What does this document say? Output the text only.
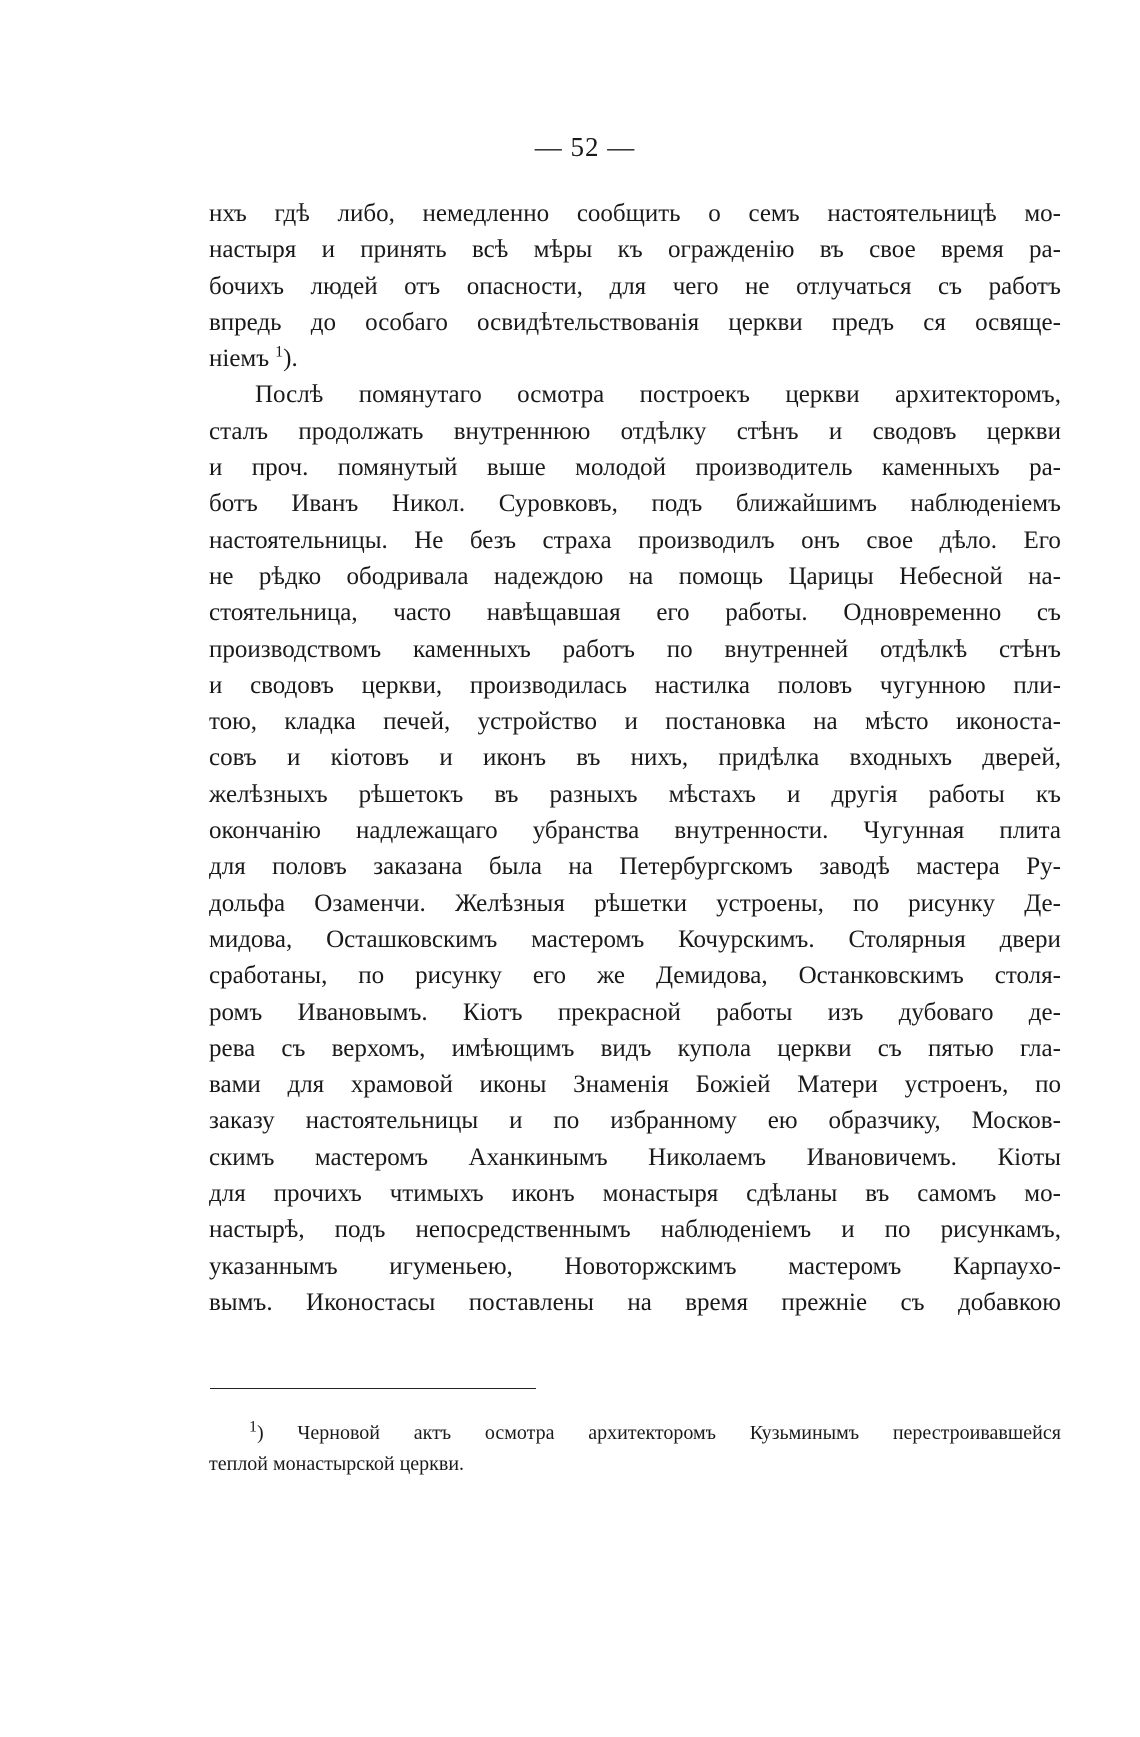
— 52 —
нхъ гдѣ либо, немедленно сообщить о семъ настоятельницѣ мо-
настыря и принять всѣ мѣры къ огражденію въ свое время ра-
бочихъ людей отъ опасности, для чего не отлучаться съ работъ
впредь до особаго освидѣтельствованія церкви предъ ся освяще-
ніемъ $^1$).
Послѣ помянутаго осмотра построекъ церкви архитекторомъ,
сталъ продолжать внутреннюю отдѣлку стѣнъ и сводовъ церкви
и проч. помянутый выше молодой производитель каменныхъ ра-
ботъ Иванъ Никол. Суровковъ, подъ ближайшимъ наблюденіемъ
настоятельницы. Не безъ страха производилъ онъ свое дѣло. Его
не рѣдко ободривала надеждою на помощь Царицы Небесной на-
стоятельница, часто навѣщавшая его работы. Одновременно съ
производствомъ каменныхъ работъ по внутренней отдѣлкѣ стѣнъ
и сводовъ церкви, производилась настилка половъ чугунною пли-
тою, кладка печей, устройство и постановка на мѣсто иконоста-
совъ и кіотовъ и иконъ въ нихъ, придѣлка входныхъ дверей,
желѣзныхъ рѣшетокъ въ разныхъ мѣстахъ и другія работы къ
окончанію надлежащаго убранства внутренности. Чугунная плита
для половъ заказана была на Петербургскомъ заводѣ мастера Ру-
дольфа Озаменчи. Желѣзныя рѣшетки устроены, по рисунку Де-
мидова, Осташковскимъ мастеромъ Кочурскимъ. Столярныя двери
сработаны, по рисунку его же Демидова, Останковскимъ столя-
ромъ Ивановымъ. Кіотъ прекрасной работы изъ дубоваго де-
рева съ верхомъ, имѣющимъ видъ купола церкви съ пятью гла-
вами для храмовой иконы Знаменія Божіей Матери устроенъ, по
заказу настоятельницы и по избранному ею образчику, Москов-
скимъ мастеромъ Аханкинымъ Николаемъ Ивановичемъ. Кіоты
для прочихъ чтимыхъ иконъ монастыря сдѣланы въ самомъ мо-
настырѣ, подъ непосредственнымъ наблюденіемъ и по рисункамъ,
указаннымъ игуменьею, Новоторжскимъ мастеромъ Карпаухо-
вымъ. Иконостасы поставлены на время прежніе съ добавкою
$^1$) Черновой актъ осмотра архитекторомъ Кузьминымъ перестроивавшейся
теплой монастырской церкви.
